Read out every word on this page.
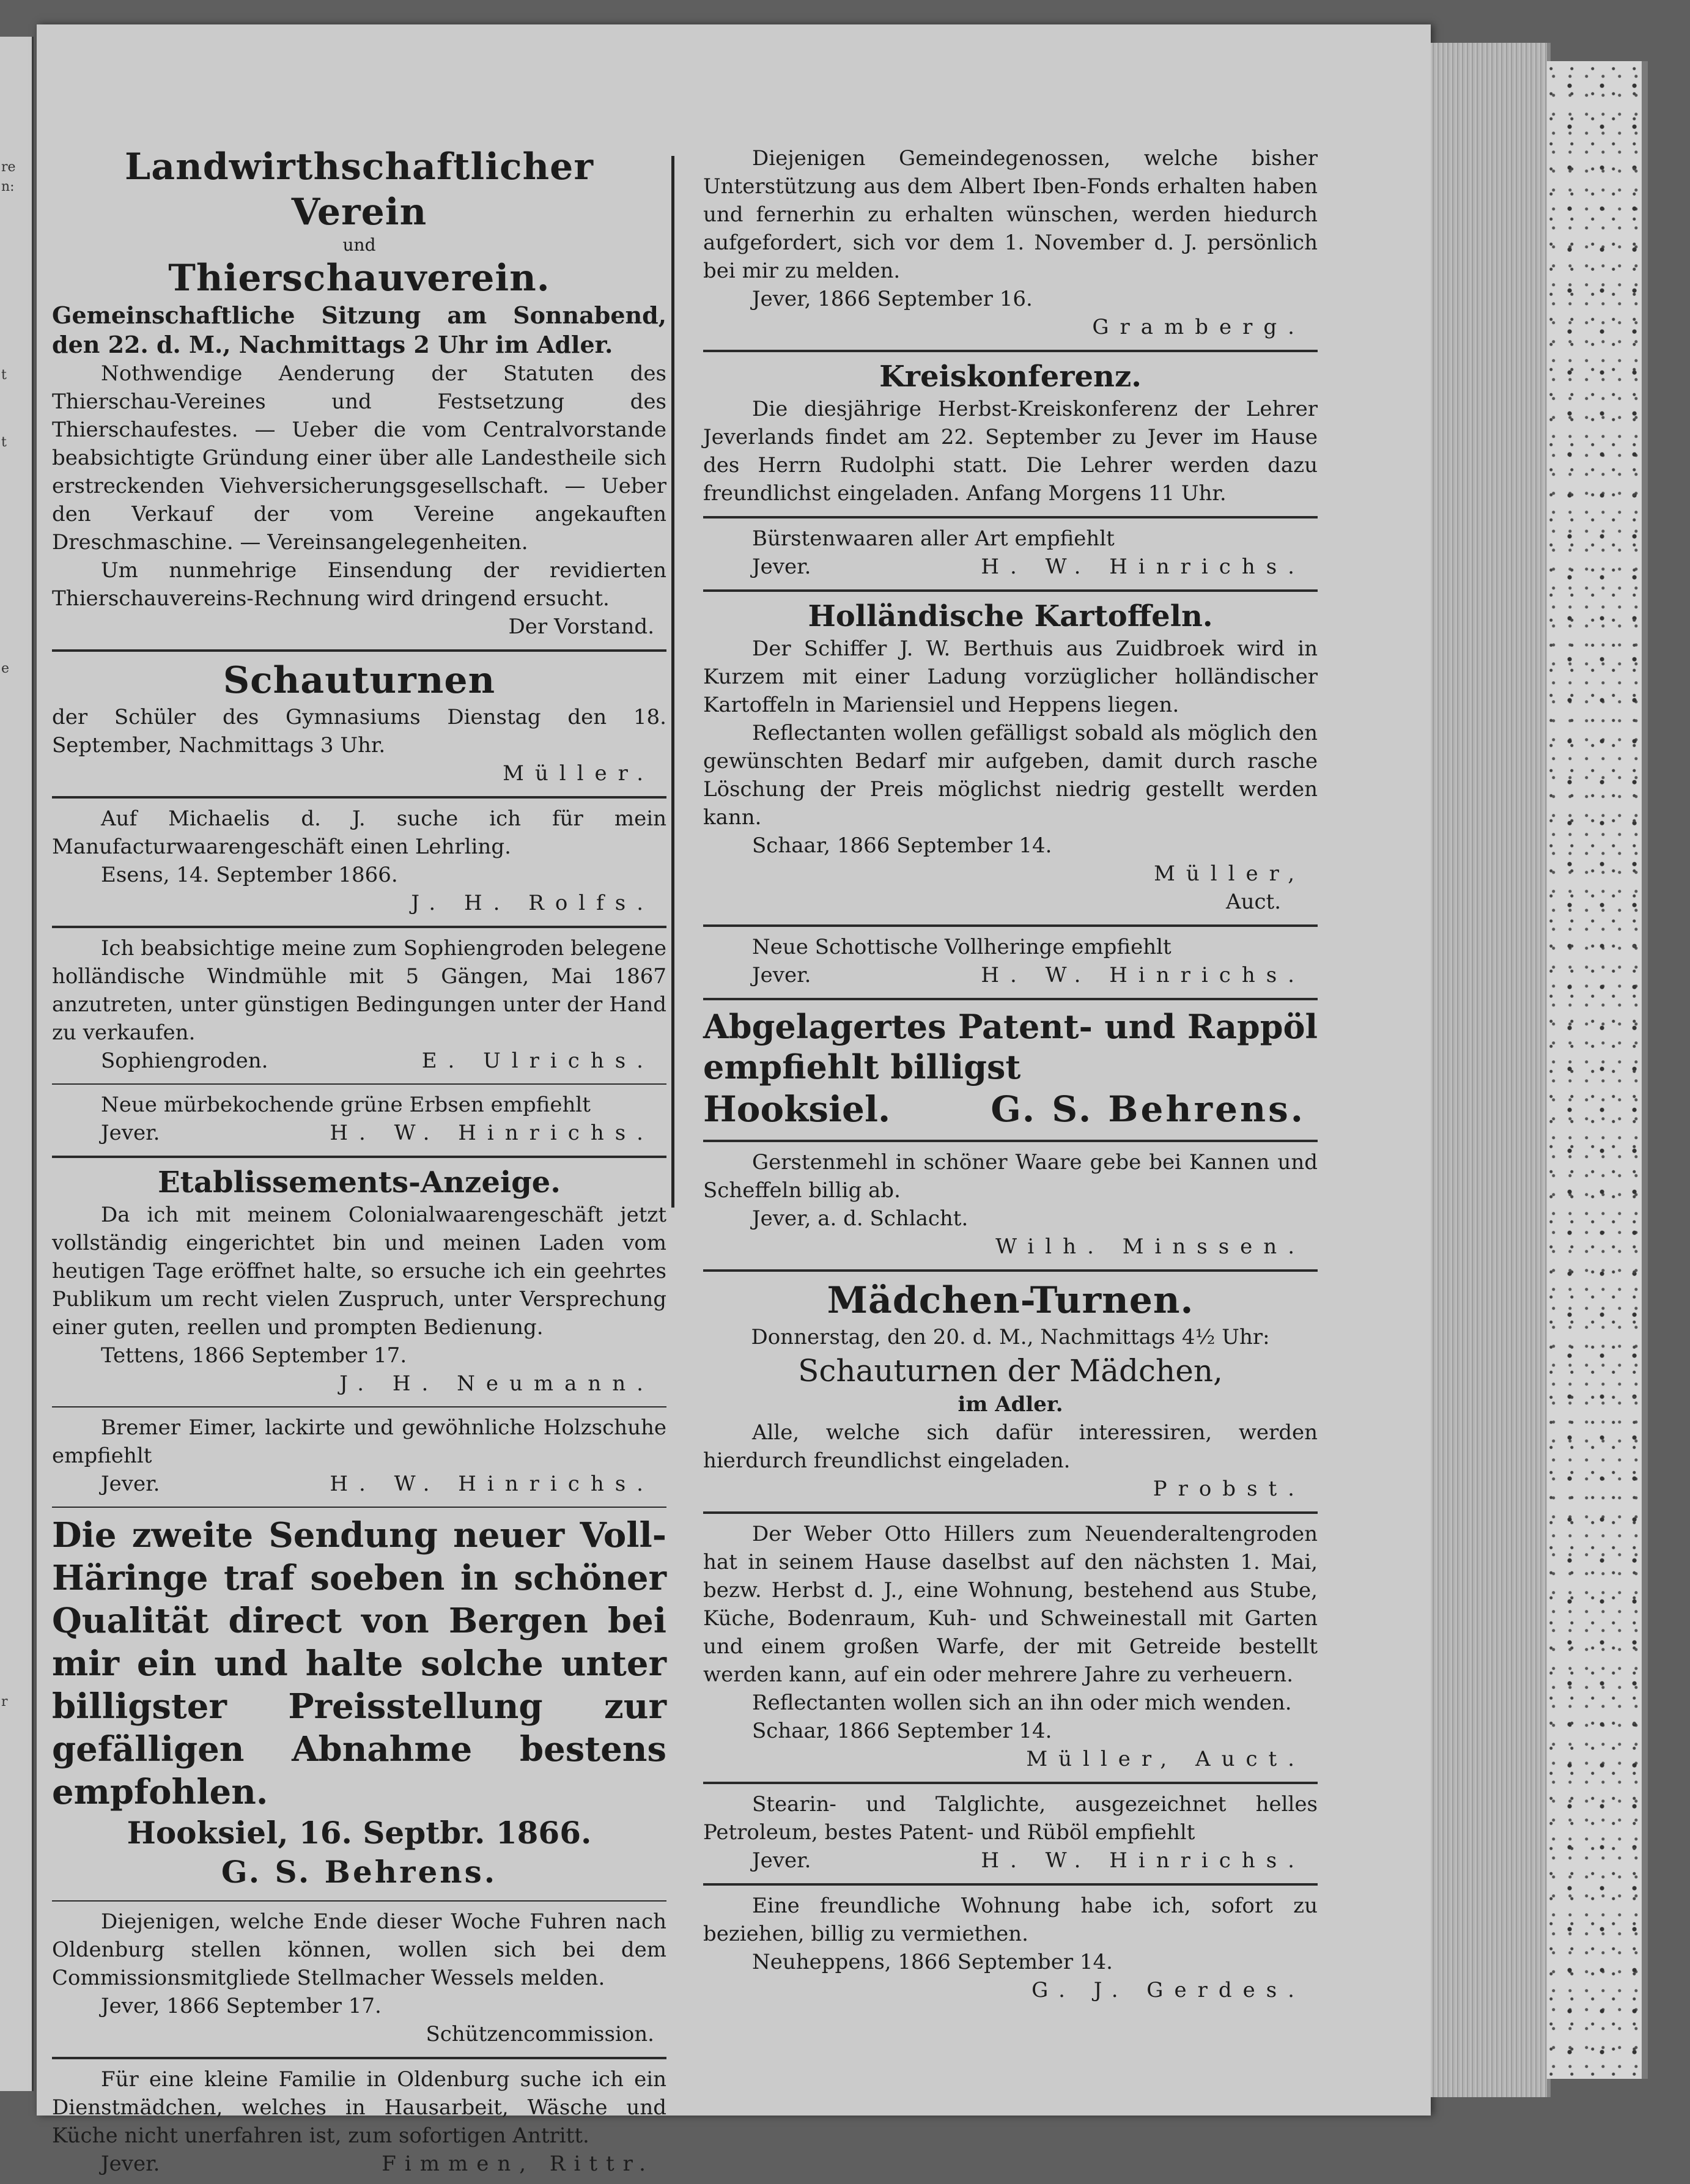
re
n:
t
t
e
r
Landwirthschaftlicher Verein
und
Thierschauverein.
Gemeinschaftliche Sitzung am Sonnabend, den 22. d. M., Nachmittags 2 Uhr im Adler.
Nothwendige Aenderung der Statuten des Thierschau-Vereines und Festsetzung des Thierschaufestes. — Ueber die vom Centralvorstande beabsichtigte Gründung einer über alle Landestheile sich erstreckenden Viehversicherungsgesellschaft. — Ueber den Verkauf der vom Vereine angekauften Dreschmaschine. — Vereinsangelegenheiten.
Um nunmehrige Einsendung der revidierten Thierschauvereins-Rechnung wird dringend ersucht.
Der Vorstand.
Schauturnen
der Schüler des Gymnasiums Dienstag den 18. September, Nachmittags 3 Uhr.
Müller.
Auf Michaelis d. J. suche ich für mein Manufacturwaarengeschäft einen Lehrling.
Esens, 14. September 1866.
J. H. Rolfs.
Ich beabsichtige meine zum Sophiengroden belegene holländische Windmühle mit 5 Gängen, Mai 1867 anzutreten, unter günstigen Bedingungen unter der Hand zu verkaufen.
Sophiengroden.	E. Ulrichs.
Neue mürbekochende grüne Erbsen empfiehlt
Jever.	H. W. Hinrichs.
Etablissements-Anzeige.
Da ich mit meinem Colonialwaarengeschäft jetzt vollständig eingerichtet bin und meinen Laden vom heutigen Tage eröffnet halte, so ersuche ich ein geehrtes Publikum um recht vielen Zuspruch, unter Versprechung einer guten, reellen und prompten Bedienung.
Tettens, 1866 September 17.
J. H. Neumann.
Bremer Eimer, lackirte und gewöhnliche Holzschuhe empfiehlt
Jever.	H. W. Hinrichs.
Die zweite Sendung neuer Voll-Häringe traf soeben in schöner Qualität direct von Bergen bei mir ein und halte solche unter billigster Preisstellung zur gefälligen Abnahme bestens empfohlen.
Hooksiel, 16. Septbr. 1866.
G. S. Behrens.
Diejenigen, welche Ende dieser Woche Fuhren nach Oldenburg stellen können, wollen sich bei dem Commissionsmitgliede Stellmacher Wessels melden.
Jever, 1866 September 17.
Schützencommission.
Für eine kleine Familie in Oldenburg suche ich ein Dienstmädchen, welches in Hausarbeit, Wäsche und Küche nicht unerfahren ist, zum sofortigen Antritt.
Jever.	Fimmen, Rittr.
Diejenigen Gemeindegenossen, welche bisher Unterstützung aus dem Albert Iben-Fonds erhalten haben und fernerhin zu erhalten wünschen, werden hiedurch aufgefordert, sich vor dem 1. November d. J. persönlich bei mir zu melden.
Jever, 1866 September 16.
Gramberg.
Kreiskonferenz.
Die diesjährige Herbst-Kreiskonferenz der Lehrer Jeverlands findet am 22. September zu Jever im Hause des Herrn Rudolphi statt. Die Lehrer werden dazu freundlichst eingeladen. Anfang Morgens 11 Uhr.
Bürstenwaaren aller Art empfiehlt
Jever.	H. W. Hinrichs.
Holländische Kartoffeln.
Der Schiffer J. W. Berthuis aus Zuidbroek wird in Kurzem mit einer Ladung vorzüglicher holländischer Kartoffeln in Mariensiel und Heppens liegen.
Reflectanten wollen gefälligst sobald als möglich den gewünschten Bedarf mir aufgeben, damit durch rasche Löschung der Preis möglichst niedrig gestellt werden kann.
Schaar, 1866 September 14.
Müller,
Auct.
Neue Schottische Vollheringe empfiehlt
Jever.	H. W. Hinrichs.
Abgelagertes Patent- und Rappöl empfiehlt billigst
Hooksiel.	G. S. Behrens.
Gerstenmehl in schöner Waare gebe bei Kannen und Scheffeln billig ab.
Jever, a. d. Schlacht.
Wilh. Minssen.
Mädchen-Turnen.
Donnerstag, den 20. d. M., Nachmittags 4½ Uhr:
Schauturnen der Mädchen,
im Adler.
Alle, welche sich dafür interessiren, werden hierdurch freundlichst eingeladen.
Probst.
Der Weber Otto Hillers zum Neuenderaltengroden hat in seinem Hause daselbst auf den nächsten 1. Mai, bezw. Herbst d. J., eine Wohnung, bestehend aus Stube, Küche, Bodenraum, Kuh- und Schweinestall mit Garten und einem großen Warfe, der mit Getreide bestellt werden kann, auf ein oder mehrere Jahre zu verheuern.
Reflectanten wollen sich an ihn oder mich wenden.
Schaar, 1866 September 14.
Müller, Auct.
Stearin- und Talglichte, ausgezeichnet helles Petroleum, bestes Patent- und Rüböl empfiehlt
Jever.	H. W. Hinrichs.
Eine freundliche Wohnung habe ich, sofort zu beziehen, billig zu vermiethen.
Neuheppens, 1866 September 14.
G. J. Gerdes.
